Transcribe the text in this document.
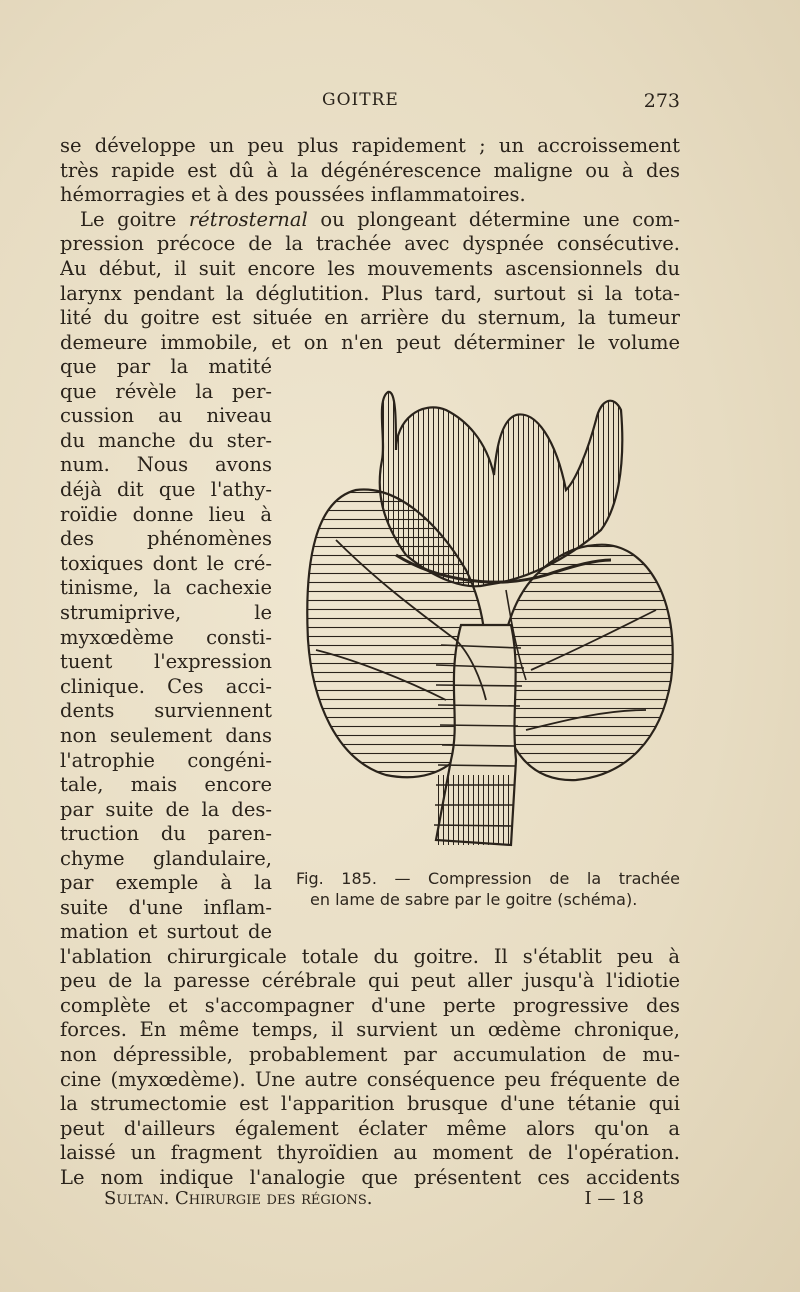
GOITRE	273
se développe un peu plus rapidement ; un accroissement
très rapide est dû à la dégénérescence maligne ou à des
hémorragies et à des poussées inflammatoires.
Le goitre rétrosternal ou plongeant détermine une com-
pression précoce de la trachée avec dyspnée consécutive.
Au début, il suit encore les mouvements ascensionnels du
larynx pendant la déglutition. Plus tard, surtout si la tota-
lité du goitre est située en arrière du sternum, la tumeur
demeure immobile, et on n'en peut déterminer le volume
que par la matité
que révèle la per-
cussion au niveau
du manche du ster-
num. Nous avons
déjà dit que l'athy-
roïdie donne lieu à
des phénomènes
toxiques dont le cré-
tinisme, la cachexie
strumiprive, le
myxœdème consti-
tuent l'expression
clinique. Ces acci-
dents surviennent
non seulement dans
l'atrophie congéni-
tale, mais encore
par suite de la des-
truction du paren-
chyme glandulaire,
par exemple à la
suite d'une inflam-
Fig. 185. — Compression de la trachée
en lame de sabre par le goitre (schéma).
mation et surtout de
l'ablation chirurgicale totale du goitre. Il s'établit peu à
peu de la paresse cérébrale qui peut aller jusqu'à l'idiotie
complète et s'accompagner d'une perte progressive des
forces. En même temps, il survient un œdème chronique,
non dépressible, probablement par accumulation de mu-
cine (myxœdème). Une autre conséquence peu fréquente de
la strumectomie est l'apparition brusque d'une tétanie qui
peut d'ailleurs également éclater même alors qu'on a
laissé un fragment thyroïdien au moment de l'opération.
Le nom indique l'analogie que présentent ces accidents
Sultan. Chirurgie des régions.	I — 18
